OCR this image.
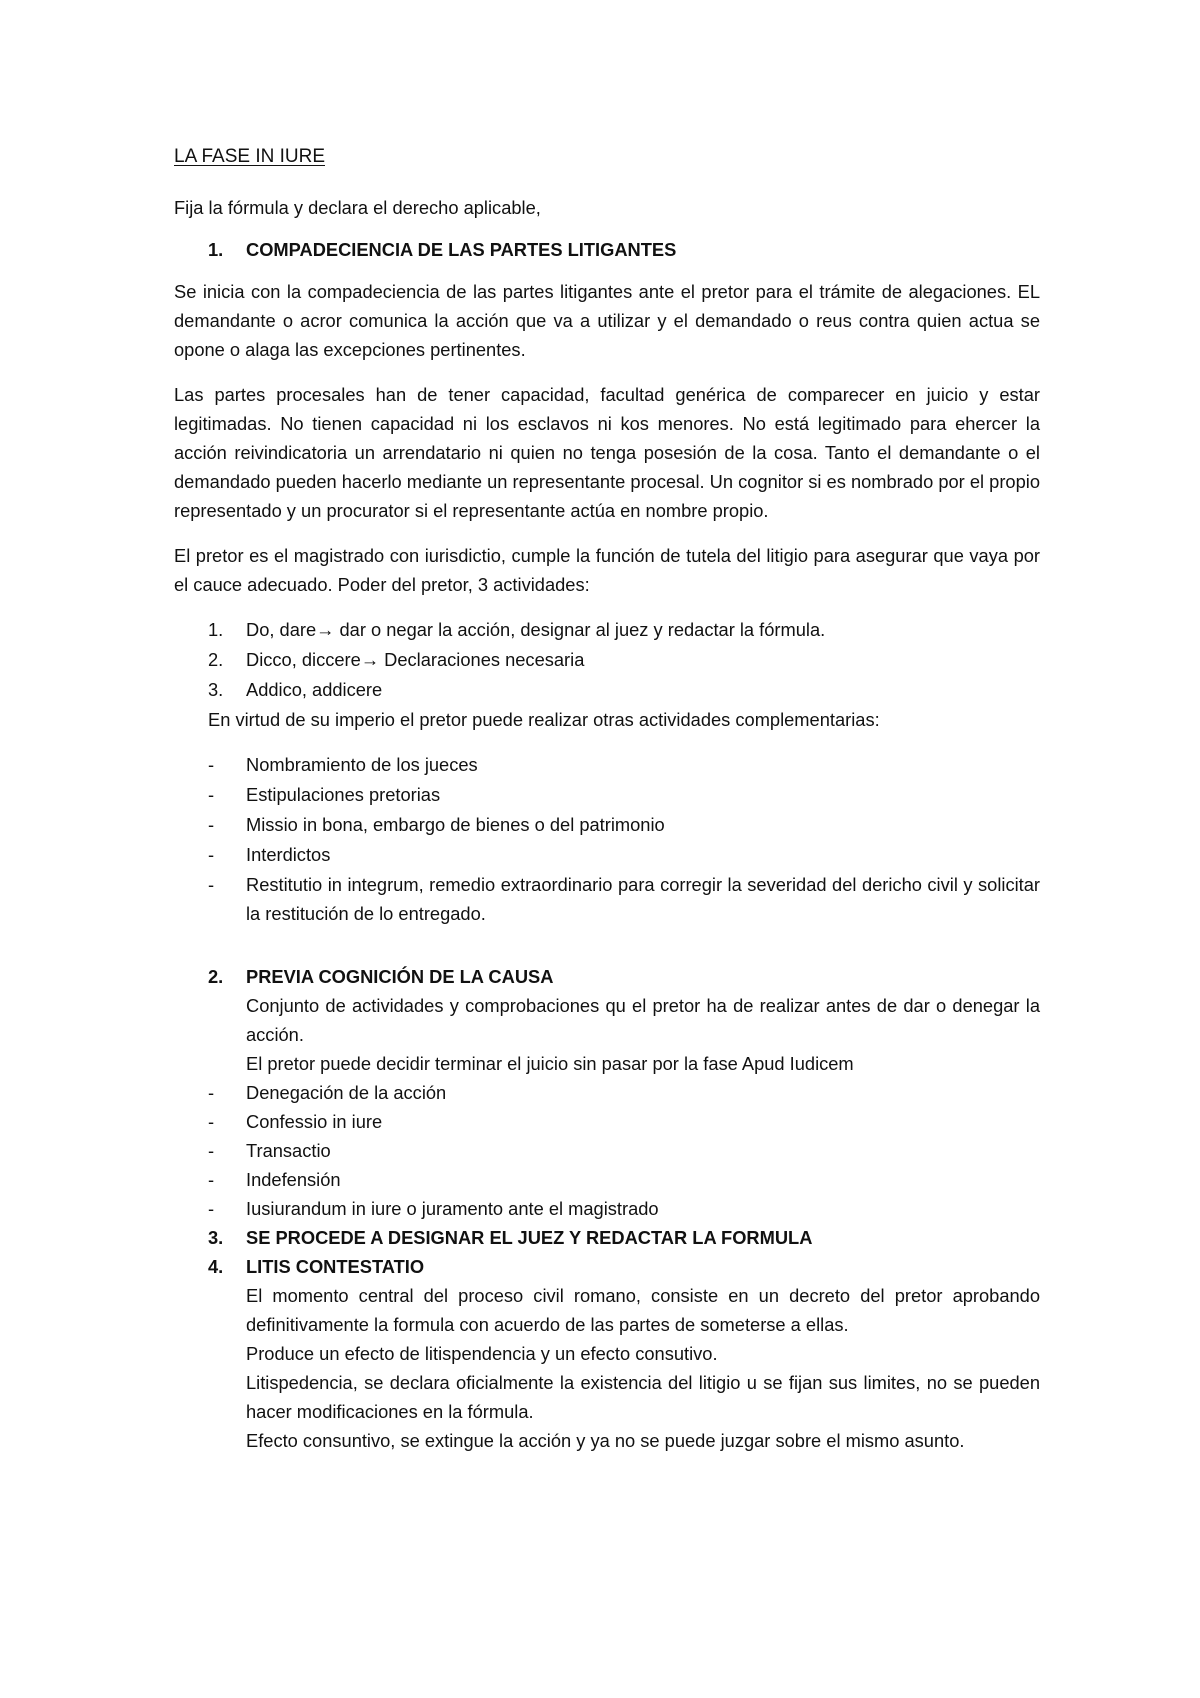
LA FASE IN IURE

Fija la fórmula y declara el derecho aplicable,

1.	COMPADECIENCIA DE LAS PARTES LITIGANTES

Se inicia con la compadeciencia de las partes litigantes ante el pretor para el trámite de alegaciones. EL demandante o acror comunica la acción que va a utilizar y el demandado o reus contra quien actua se opone o alaga las excepciones pertinentes.

Las partes procesales han de tener capacidad, facultad genérica de comparecer en juicio y estar legitimadas. No tienen capacidad ni los esclavos ni kos menores. No está legitimado para ehercer la acción reivindicatoria un arrendatario ni quien no tenga posesión de la cosa. Tanto el demandante o el demandado pueden hacerlo mediante un representante procesal. Un cognitor si es nombrado por el propio representado y un procurator si el representante actúa en nombre propio.

El pretor es el magistrado con iurisdictio, cumple la función de tutela del litigio para asegurar que vaya por el cauce adecuado. Poder del pretor, 3 actividades:

1.	Do, dare→ dar o negar la acción, designar al juez y redactar la fórmula.
2.	Dicco, diccere→ Declaraciones necesaria
3.	Addico, addicere

En virtud de su imperio el pretor puede realizar otras actividades complementarias:

-	Nombramiento de los jueces
-	Estipulaciones pretorias
-	Missio in bona, embargo de bienes o del patrimonio
-	Interdictos
-	Restitutio in integrum, remedio extraordinario para corregir la severidad del dericho civil y solicitar la restitución de lo entregado.
2.	PREVIA COGNICIÓN DE LA CAUSA
Conjunto de actividades y comprobaciones qu el pretor ha de realizar antes de dar o denegar la acción.
El pretor puede decidir terminar el juicio sin pasar por la fase Apud Iudicem
-	Denegación de la acción
-	Confessio in iure
-	Transactio
-	Indefensión
-	Iusiurandum in iure o juramento ante el magistrado
3.	SE PROCEDE A DESIGNAR EL JUEZ Y REDACTAR LA FORMULA
4.	LITIS CONTESTATIO
El momento central del proceso civil romano, consiste en un decreto del pretor aprobando definitivamente la formula con acuerdo de las partes de someterse a ellas.
Produce un efecto de litispendencia y un efecto consutivo.
Litispedencia, se declara oficialmente la existencia del litigio u se fijan sus limites, no se pueden hacer modificaciones en la fórmula.
Efecto consuntivo, se extingue la acción y ya no se puede juzgar sobre el mismo asunto.
